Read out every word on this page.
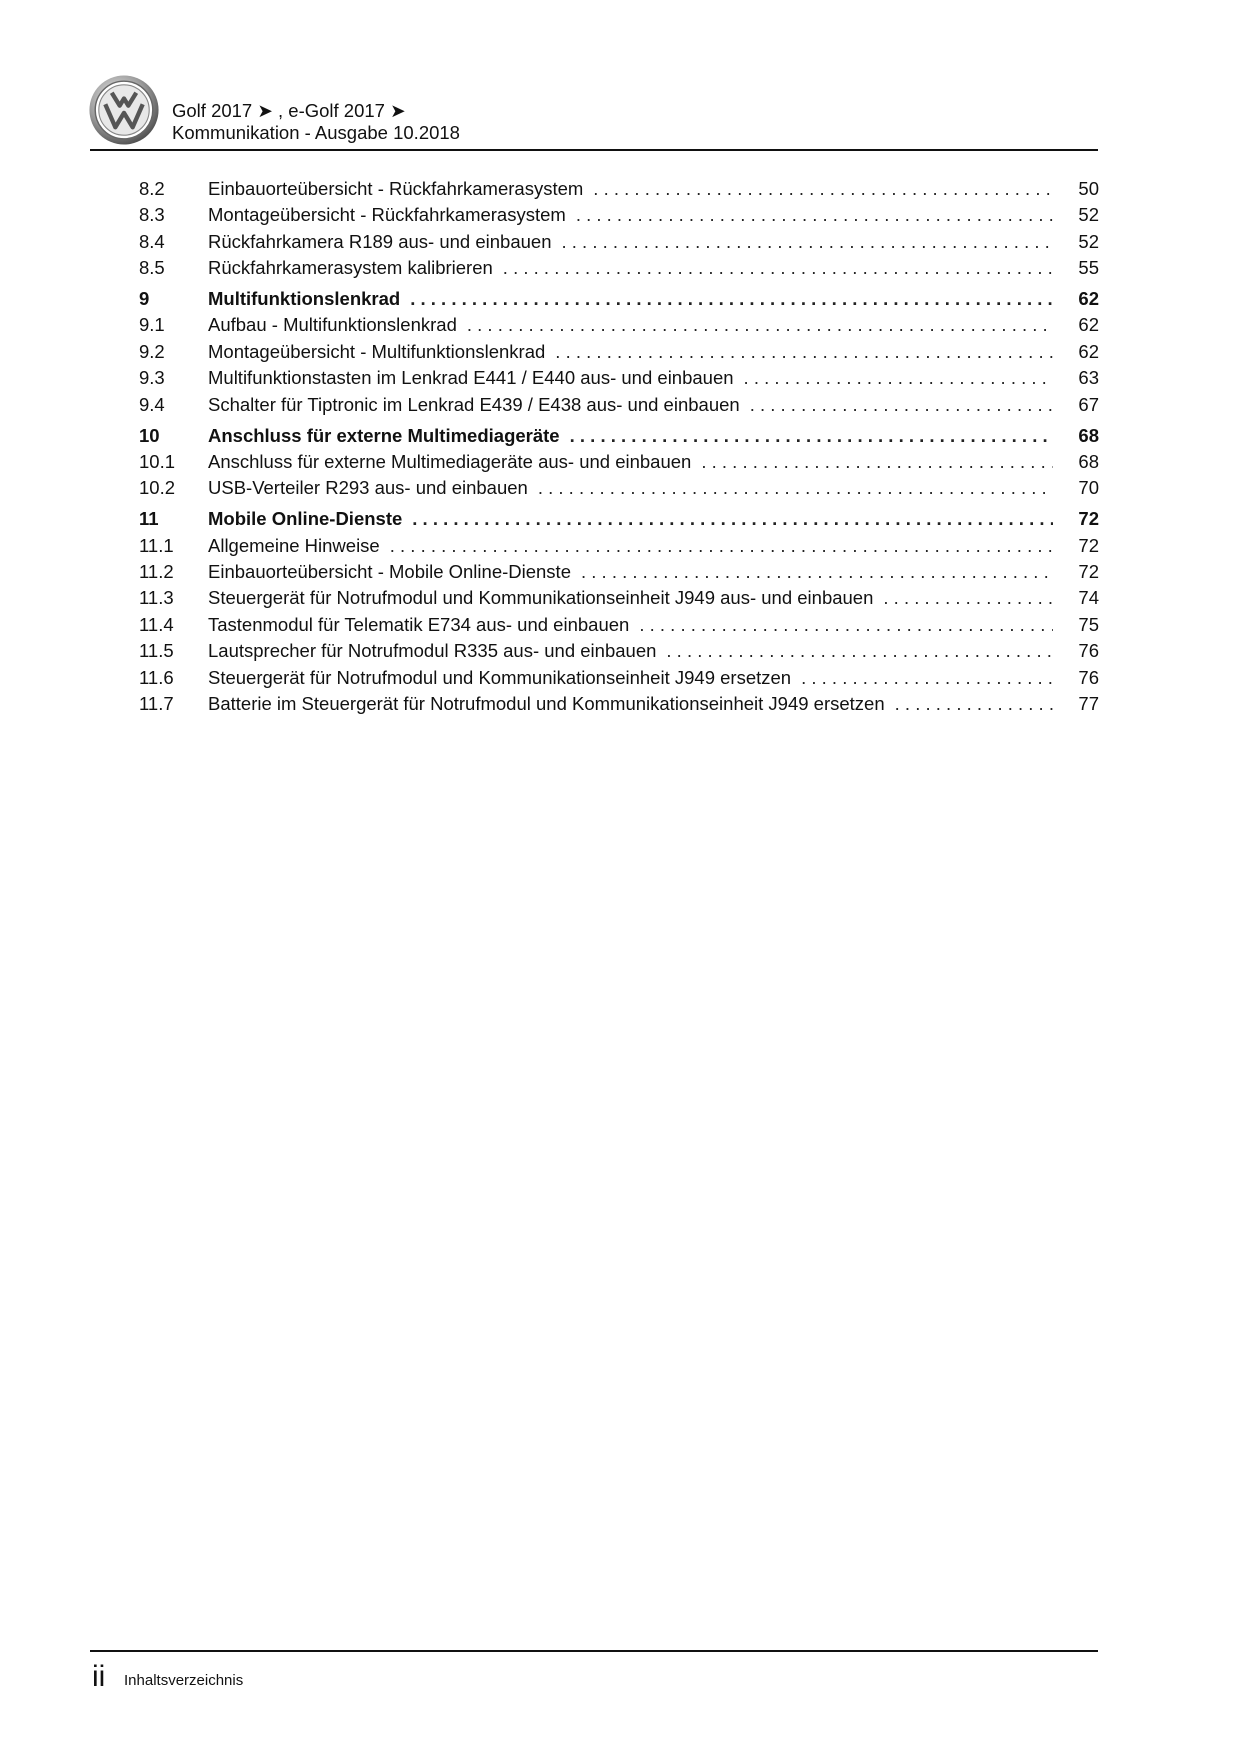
Golf 2017 ➤ , e-Golf 2017 ➤
Kommunikation - Ausgabe 10.2018
8.2	Einbauorteübersicht - Rückfahrkamerasystem . . .	50
8.3	Montageübersicht - Rückfahrkamerasystem . . .	52
8.4	Rückfahrkamera R189 aus- und einbauen . . .	52
8.5	Rückfahrkamerasystem kalibrieren . . .	55
9	Multifunktionslenkrad . . .	62
9.1	Aufbau - Multifunktionslenkrad . . .	62
9.2	Montageübersicht - Multifunktionslenkrad . . .	62
9.3	Multifunktionstasten im Lenkrad E441 / E440 aus- und einbauen . . .	63
9.4	Schalter für Tiptronic im Lenkrad E439 / E438 aus- und einbauen . . .	67
10	Anschluss für externe Multimediageräte . . .	68
10.1	Anschluss für externe Multimediageräte aus- und einbauen . . .	68
10.2	USB-Verteiler R293 aus- und einbauen . . .	70
11	Mobile Online-Dienste . . .	72
11.1	Allgemeine Hinweise . . .	72
11.2	Einbauorteübersicht - Mobile Online-Dienste . . .	72
11.3	Steuergerät für Notrufmodul und Kommunikationseinheit J949 aus- und einbauen . . .	74
11.4	Tastenmodul für Telematik E734 aus- und einbauen . . .	75
11.5	Lautsprecher für Notrufmodul R335 aus- und einbauen . . .	76
11.6	Steuergerät für Notrufmodul und Kommunikationseinheit J949 ersetzen . . .	76
11.7	Batterie im Steuergerät für Notrufmodul und Kommunikationseinheit J949 ersetzen . . .	77
ii Inhaltsverzeichnis
